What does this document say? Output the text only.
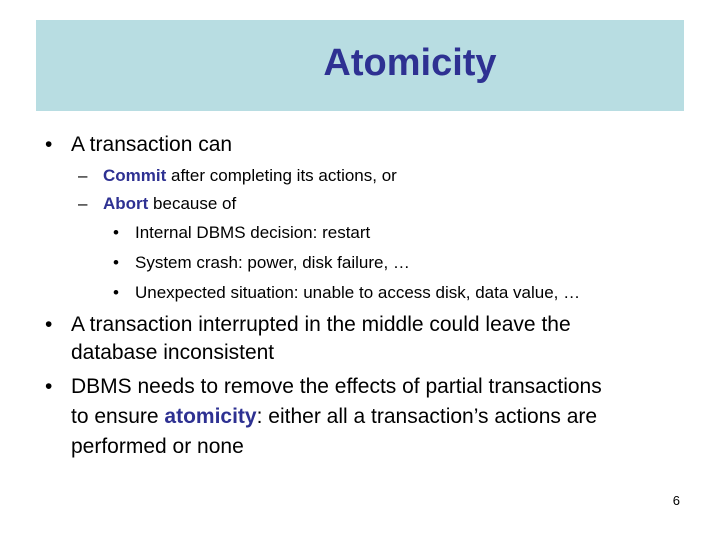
Atomicity
• A transaction can
– Commit after completing its actions, or
– Abort because of
• Internal DBMS decision: restart
• System crash: power, disk failure, …
• Unexpected situation: unable to access disk, data value, …
• A transaction interrupted in the middle could leave the
database inconsistent
• DBMS needs to remove the effects of partial transactions
to ensure atomicity: either all a transaction’s actions are
performed or none
6
